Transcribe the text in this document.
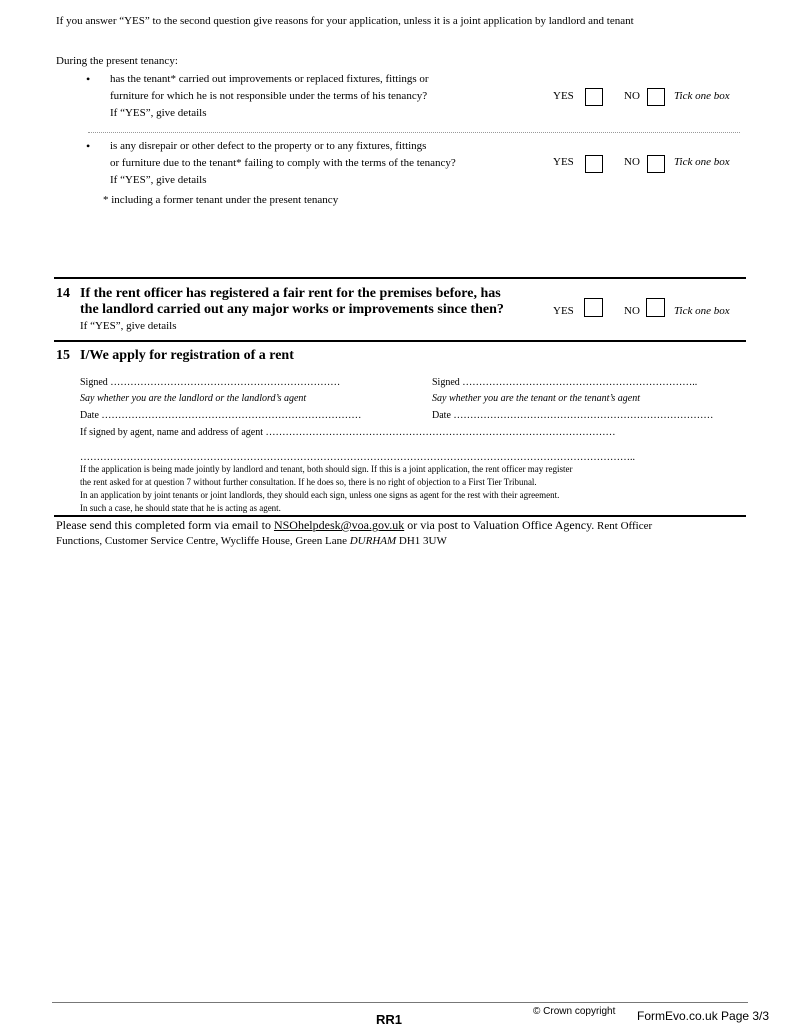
If you answer “YES” to the second question give reasons for your application, unless it is a joint application by landlord and tenant
During the present tenancy:
• has the tenant* carried out improvements or replaced fixtures, fittings or
furniture for which he is not responsible under the terms of his tenancy?
If “YES”, give details
YES	NO	Tick one box
• is any disrepair or other defect to the property or to any fixtures, fittings
or furniture due to the tenant* failing to comply with the terms of the tenancy?
If “YES”, give details
YES	NO	Tick one box
* including a former tenant under the present tenancy
14 If the rent officer has registered a fair rent for the premises before, has
the landlord carried out any major works or improvements since then?
If “YES”, give details
YES	NO	Tick one box
15 I/We apply for registration of a rent
Signed ……………………………………………………………
Say whether you are the landlord or the landlord’s agent
Date ……………………………………………………………………
Signed ……………………………………………………………..
Say whether you are the tenant or the tenant’s agent
Date ……………………………………………………………………
If signed by agent, name and address of agent ……………………………………………………………………………………………
…………………………………………………………………………………………………………………………………………………..
If the application is being made jointly by landlord and tenant, both should sign. If this is a joint application, the rent officer may register
the rent asked for at question 7 without further consultation. If he does so, there is no right of objection to a First Tier Tribunal.
In an application by joint tenants or joint landlords, they should each sign, unless one signs as agent for the rest with their agreement.
In such a case, he should state that he is acting as agent.
Please send this completed form via email to NSOhelpdesk@voa.gov.uk or via post to Valuation Office Agency. Rent Officer
Functions, Customer Service Centre, Wycliffe House, Green Lane DURHAM DH1 3UW
RR1
© Crown copyright FormEvo.co.uk Page 3/3
